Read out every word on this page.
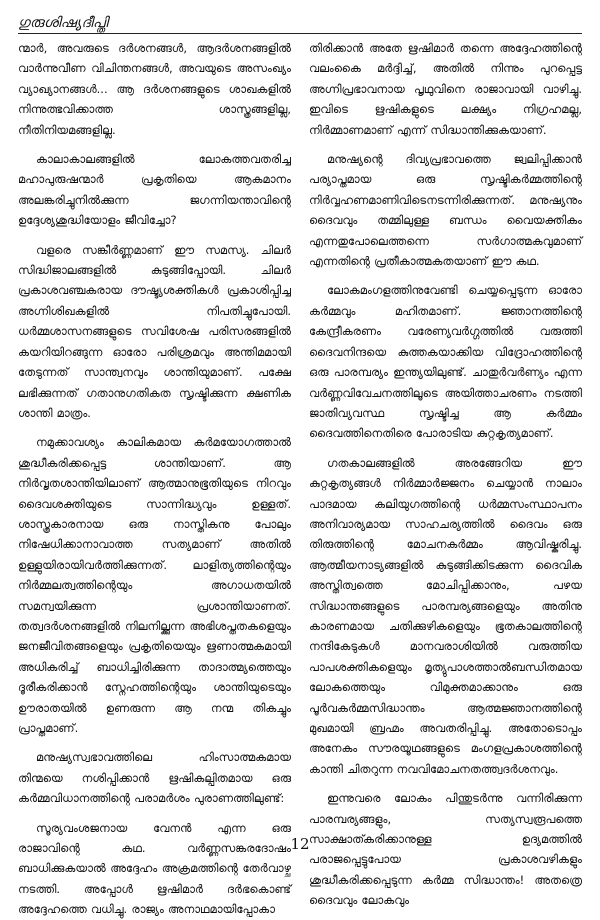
ഗുരുശിഷ്യദീപ്തി

ന്മാർ, അവരുടെ ദർശനങ്ങൾ, ആദർശനങ്ങളിൽ വാർന്നുവീണ വിചിന്തനങ്ങൾ, അവയുടെ അസംഖ്യം വ്യാഖ്യാനങ്ങൾ... ആ ദർശനങ്ങളുടെ ശാഖകളിൽ നിന്നുത്ഭവിക്കാത്ത ശാസ്ത്രങ്ങളില്ല, നീതിനിയമങ്ങളില്ല.

കാലാകാലങ്ങളിൽ ലോകത്തവതരിച്ച മഹാപുരുഷന്മാർ പ്രകൃതിയെ ആകമാനം അലങ്കരിച്ചുനിൽക്കുന്ന ജഗന്നിയന്താവിന്റെ ഉദ്ദേശ്യശുദ്ധിയോളം ജീവിച്ചോ?

വളരെ സങ്കീർണ്ണമാണ് ഈ സമസ്യ. ചിലർ സിദ്ധിജാലങ്ങളിൽ കുടുങ്ങിപ്പോയി. ചിലർ പ്രകാശവഞ്ചകരായ ദൗഷ്ട്യശക്തികൾ പ്രകാശിപ്പിച്ച അഗ്നിശിഖകളിൽ നിപതിച്ചുപോയി. ധർമ്മശാസനങ്ങളുടെ സവിശേഷ പരിസരങ്ങളിൽ കയറിയിറങ്ങുന്ന ഓരോ പരിശ്രമവും അന്തിമമായി തേടുന്നത് സാന്ത്വനവും ശാന്തിയുമാണ്. പക്ഷേ ലഭിക്കുന്നത് ഗതാനുഗതികത സൃഷ്ടിക്കുന്ന ക്ഷണിക ശാന്തി മാത്രം.

നമുക്കാവശ്യം കാലികമായ കർമയോഗത്താൽ ശുദ്ധീകരിക്കപ്പെട്ട ശാന്തിയാണ്. ആ നിർവൃതശാന്തിയിലാണ് ആത്മാനുഭൂതിയുടെ നിറവും ദൈവശക്തിയുടെ സാന്നിദ്ധ്യവും ഉള്ളത്. ശാസ്ത്രകാരനായ ഒരു നാസ്തികനു പോലും നിഷേധിക്കാനാവാത്ത സത്യമാണ് അതിൽ ഉള്ളുയിരായിവർത്തിക്കുന്നത്. ലാളിത്യത്തിന്റെയും നിർമ്മലത്വത്തിന്റെയും അഗാധതയിൽ സമന്വയിക്കുന്ന പ്രശാന്തിയാണത്. തത്വദർശനങ്ങളിൽ നിലനില്ക്കുന്ന അഭിശപ്തതകളെയും ജനജീവിതങ്ങളെയും പ്രകൃതിയെയും ഋണാത്മകമായി അധികരിച്ച് ബാധിച്ചിരിക്കുന്ന താദാത്മ്യത്തെയും ദൂരീകരിക്കാൻ സ്നേഹത്തിന്റെയും ശാന്തിയുടെയും ഊരാതയിൽ ഉണരുന്ന ആ നന്മ തികച്ചും പ്രാപ്തമാണ്.

മനുഷ്യസ്വഭാവത്തിലെ ഹിംസാത്മകമായ തിന്മയെ നശിപ്പിക്കാൻ ഋഷികല്പിതമായ ഒരു കർമ്മവിധാനത്തിന്റെ പരാമർശം പുരാണത്തിലുണ്ട്:

സൂര്യവംശജനായ വേനൻ എന്ന ഒരു രാജാവിന്റെ കഥ. വർണ്ണസങ്കരദോഷം ബാധിക്കുകയാൽ അദ്ദേഹം അക്രമത്തിന്റെ തേർവാഴ്ച നടത്തി. അപ്പോൾ ഋഷിമാർ ദർഭകൊണ്ട് അദ്ദേഹത്തെ വധിച്ചു. രാജ്യം അനാഥമായിപ്പോകാ

തിരിക്കാൻ അതേ ഋഷിമാർ തന്നെ അദ്ദേഹത്തിന്റെ വലംകൈ മർദ്ദിച്ച്, അതിൽ നിന്നും പുറപ്പെട്ട അഗ്നിപ്രഭാവനായ പൃഥുവിനെ രാജാവായി വാഴിച്ചു. ഇവിടെ ഋഷികളുടെ ലക്ഷ്യം നിഗ്രഹമല്ല, നിർമ്മാണമാണ് എന്ന് സിദ്ധാന്തിക്കുകയാണ്.

മനുഷ്യന്റെ ദിവ്യപ്രഭാവത്തെ ജ്വലിപ്പിക്കാൻ പര്യാപ്തമായ ഒരു സൃഷ്ടികർമ്മത്തിന്റെ നിർവ്വഹണമാണിവിടെനടന്നിരിക്കുന്നത്. മനുഷ്യനും ദൈവവും തമ്മിലുള്ള ബന്ധം വൈയക്തികം എന്നതുപോലെത്തന്നെ സർഗാത്മകവുമാണ് എന്നതിന്റെ പ്രതീകാത്മകതയാണ് ഈ കഥ.

ലോകമംഗളത്തിനുവേണ്ടി ചെയ്യപ്പെടുന്ന ഓരോ കർമ്മവും മഹിതമാണ്. ജ്ഞാനത്തിന്റെ കേന്ദ്രീകരണം വരേണ്യവർഗ്ഗത്തിൽ വരുത്തി ദൈവനിന്ദയെ കുത്തകയാക്കിയ വിദ്രോഹത്തിന്റെ ഒരു പാരമ്പര്യം ഇന്ത്യയിലുണ്ട്. ചാതുർവർണ്യം എന്ന വർണ്ണവിവേചനത്തിലൂടെ അയിത്താചരണം നടത്തി ജാതിവ്യവസ്ഥ സൃഷ്ടിച്ച ആ കർമ്മം ദൈവത്തിനെതിരെ പോരാടിയ കുറ്റകൃത്യമാണ്.

ഗതകാലങ്ങളിൽ അരങ്ങേറിയ ഈ കുറ്റകൃത്യങ്ങൾ നിർമ്മാർജ്ജനം ചെയ്യാൻ നാലാം പാദമായ കലിയുഗത്തിന്റെ ധർമ്മസംസ്ഥാപനം അനിവാര്യമായ സാഹചര്യത്തിൽ ദൈവം ഒരു തിരുത്തിന്റെ മോചനകർമ്മം ആവിഷ്കരിച്ചു. ആത്മീയനാട്യങ്ങളിൽ കുടുങ്ങിക്കിടക്കുന്ന ദൈവിക അസ്തിത്വത്തെ മോചിപ്പിക്കാനും, പഴയ സിദ്ധാന്തങ്ങളുടെ പാരമ്പര്യങ്ങളെയും അതിനു കാരണമായ ചതിക്കുഴികളെയും ഭൂതകാലത്തിന്റെ നന്ദികേടുകൾ മാനവരാശിയിൽ വരുത്തിയ പാപശക്തികളെയും മൃത്യുപാശത്താൽബന്ധിതമായ ലോകത്തെയും വിമുക്തമാക്കാനും ഒരു പൂർവകർമ്മസിദ്ധാന്തം ആത്മജ്ഞാനത്തിന്റെ മുഖമായി ബ്രഹ്മം അവതരിപ്പിച്ചു. അതോടൊപ്പം അനേകം സൗരയൂഥങ്ങളുടെ മംഗളപ്രകാശത്തിന്റെ കാന്തി ചിതറുന്ന നവവിമോചനതത്ത്വദർശനവും.

ഇന്നുവരെ ലോകം പിന്തുടർന്നു വന്നിരിക്കുന്ന പാരമ്പര്യങ്ങളും, സത്യസ്വരൂപത്തെ സാക്ഷാത്കരിക്കാനുള്ള ഉദ്യമത്തിൽ പരാജപ്പെട്ടുപോയ പ്രകാശവഴികളും ശുദ്ധീകരിക്കപ്പെടുന്ന കർമ്മ സിദ്ധാന്തം! അതത്രെ ദൈവവും ലോകവും

12
